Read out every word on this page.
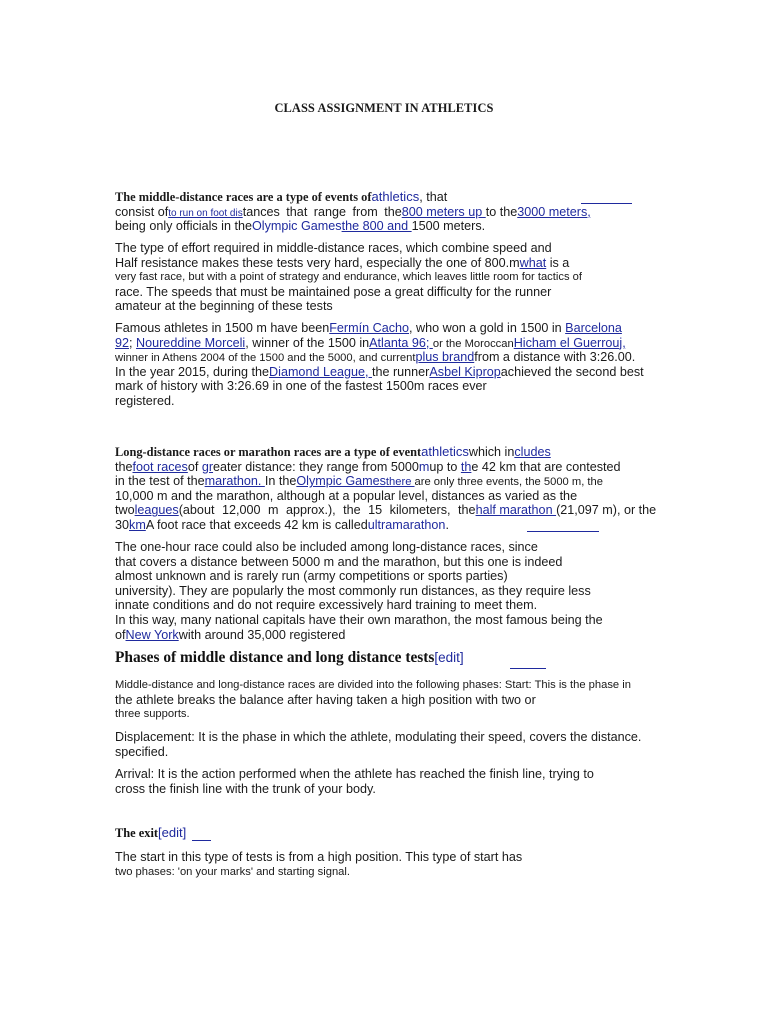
CLASS ASSIGNMENT IN ATHLETICS
The middle-distance races are a type of events ofathletics, that
consist ofto run on foot distances that range from the800 meters up to the3000 meters,
being only officials in theOlympic Gamesthe 800 and 1500 meters.
The type of effort required in middle-distance races, which combine speed and
Half resistance makes these tests very hard, especially the one of 800.mwhat is a
very fast race, but with a point of strategy and endurance, which leaves little room for tactics of
race. The speeds that must be maintained pose a great difficulty for the runner
amateur at the beginning of these tests
Famous athletes in 1500 m have beenFermín Cacho, who won a gold in 1500 in Barcelona
92; Noureddine Morceli, winner of the 1500 inAtlanta 96; or the MoroccanHicham el Guerrouj,
winner in Athens 2004 of the 1500 and the 5000, and currentplus brandfrom a distance with 3:26.00.
In the year 2015, during theDiamond League, the runnerAsbel Kipropachieved the second best
mark of history with 3:26.69 in one of the fastest 1500m races ever
registered.
Long-distance races or marathon races are a type of eventathleticswhich includes
thefoot racesof greater distance: they range from 5000mup to the 42 km that are contested
in the test of themarathon. In theOlympic Gamesthere are only three events, the 5000 m, the
10,000 m and the marathon, although at a popular level, distances as varied as the
twoleagues(about 12,000 m approx.), the 15 kilometers, thehalf marathon (21,097 m), or the
30kmA foot race that exceeds 42 km is calledultramarathon.
The one-hour race could also be included among long-distance races, since
that covers a distance between 5000 m and the marathon, but this one is indeed
almost unknown and is rarely run (army competitions or sports parties)
university). They are popularly the most commonly run distances, as they require less
innate conditions and do not require excessively hard training to meet them.
In this way, many national capitals have their own marathon, the most famous being the
ofNew Yorkwith around 35,000 registered
Phases of middle distance and long distance tests[edit]
Middle-distance and long-distance races are divided into the following phases: Start: This is the phase in
the athlete breaks the balance after having taken a high position with two or
three supports.
Displacement: It is the phase in which the athlete, modulating their speed, covers the distance.
specified.
Arrival: It is the action performed when the athlete has reached the finish line, trying to
cross the finish line with the trunk of your body.
The exit[edit]
The start in this type of tests is from a high position. This type of start has
two phases: 'on your marks' and starting signal.
